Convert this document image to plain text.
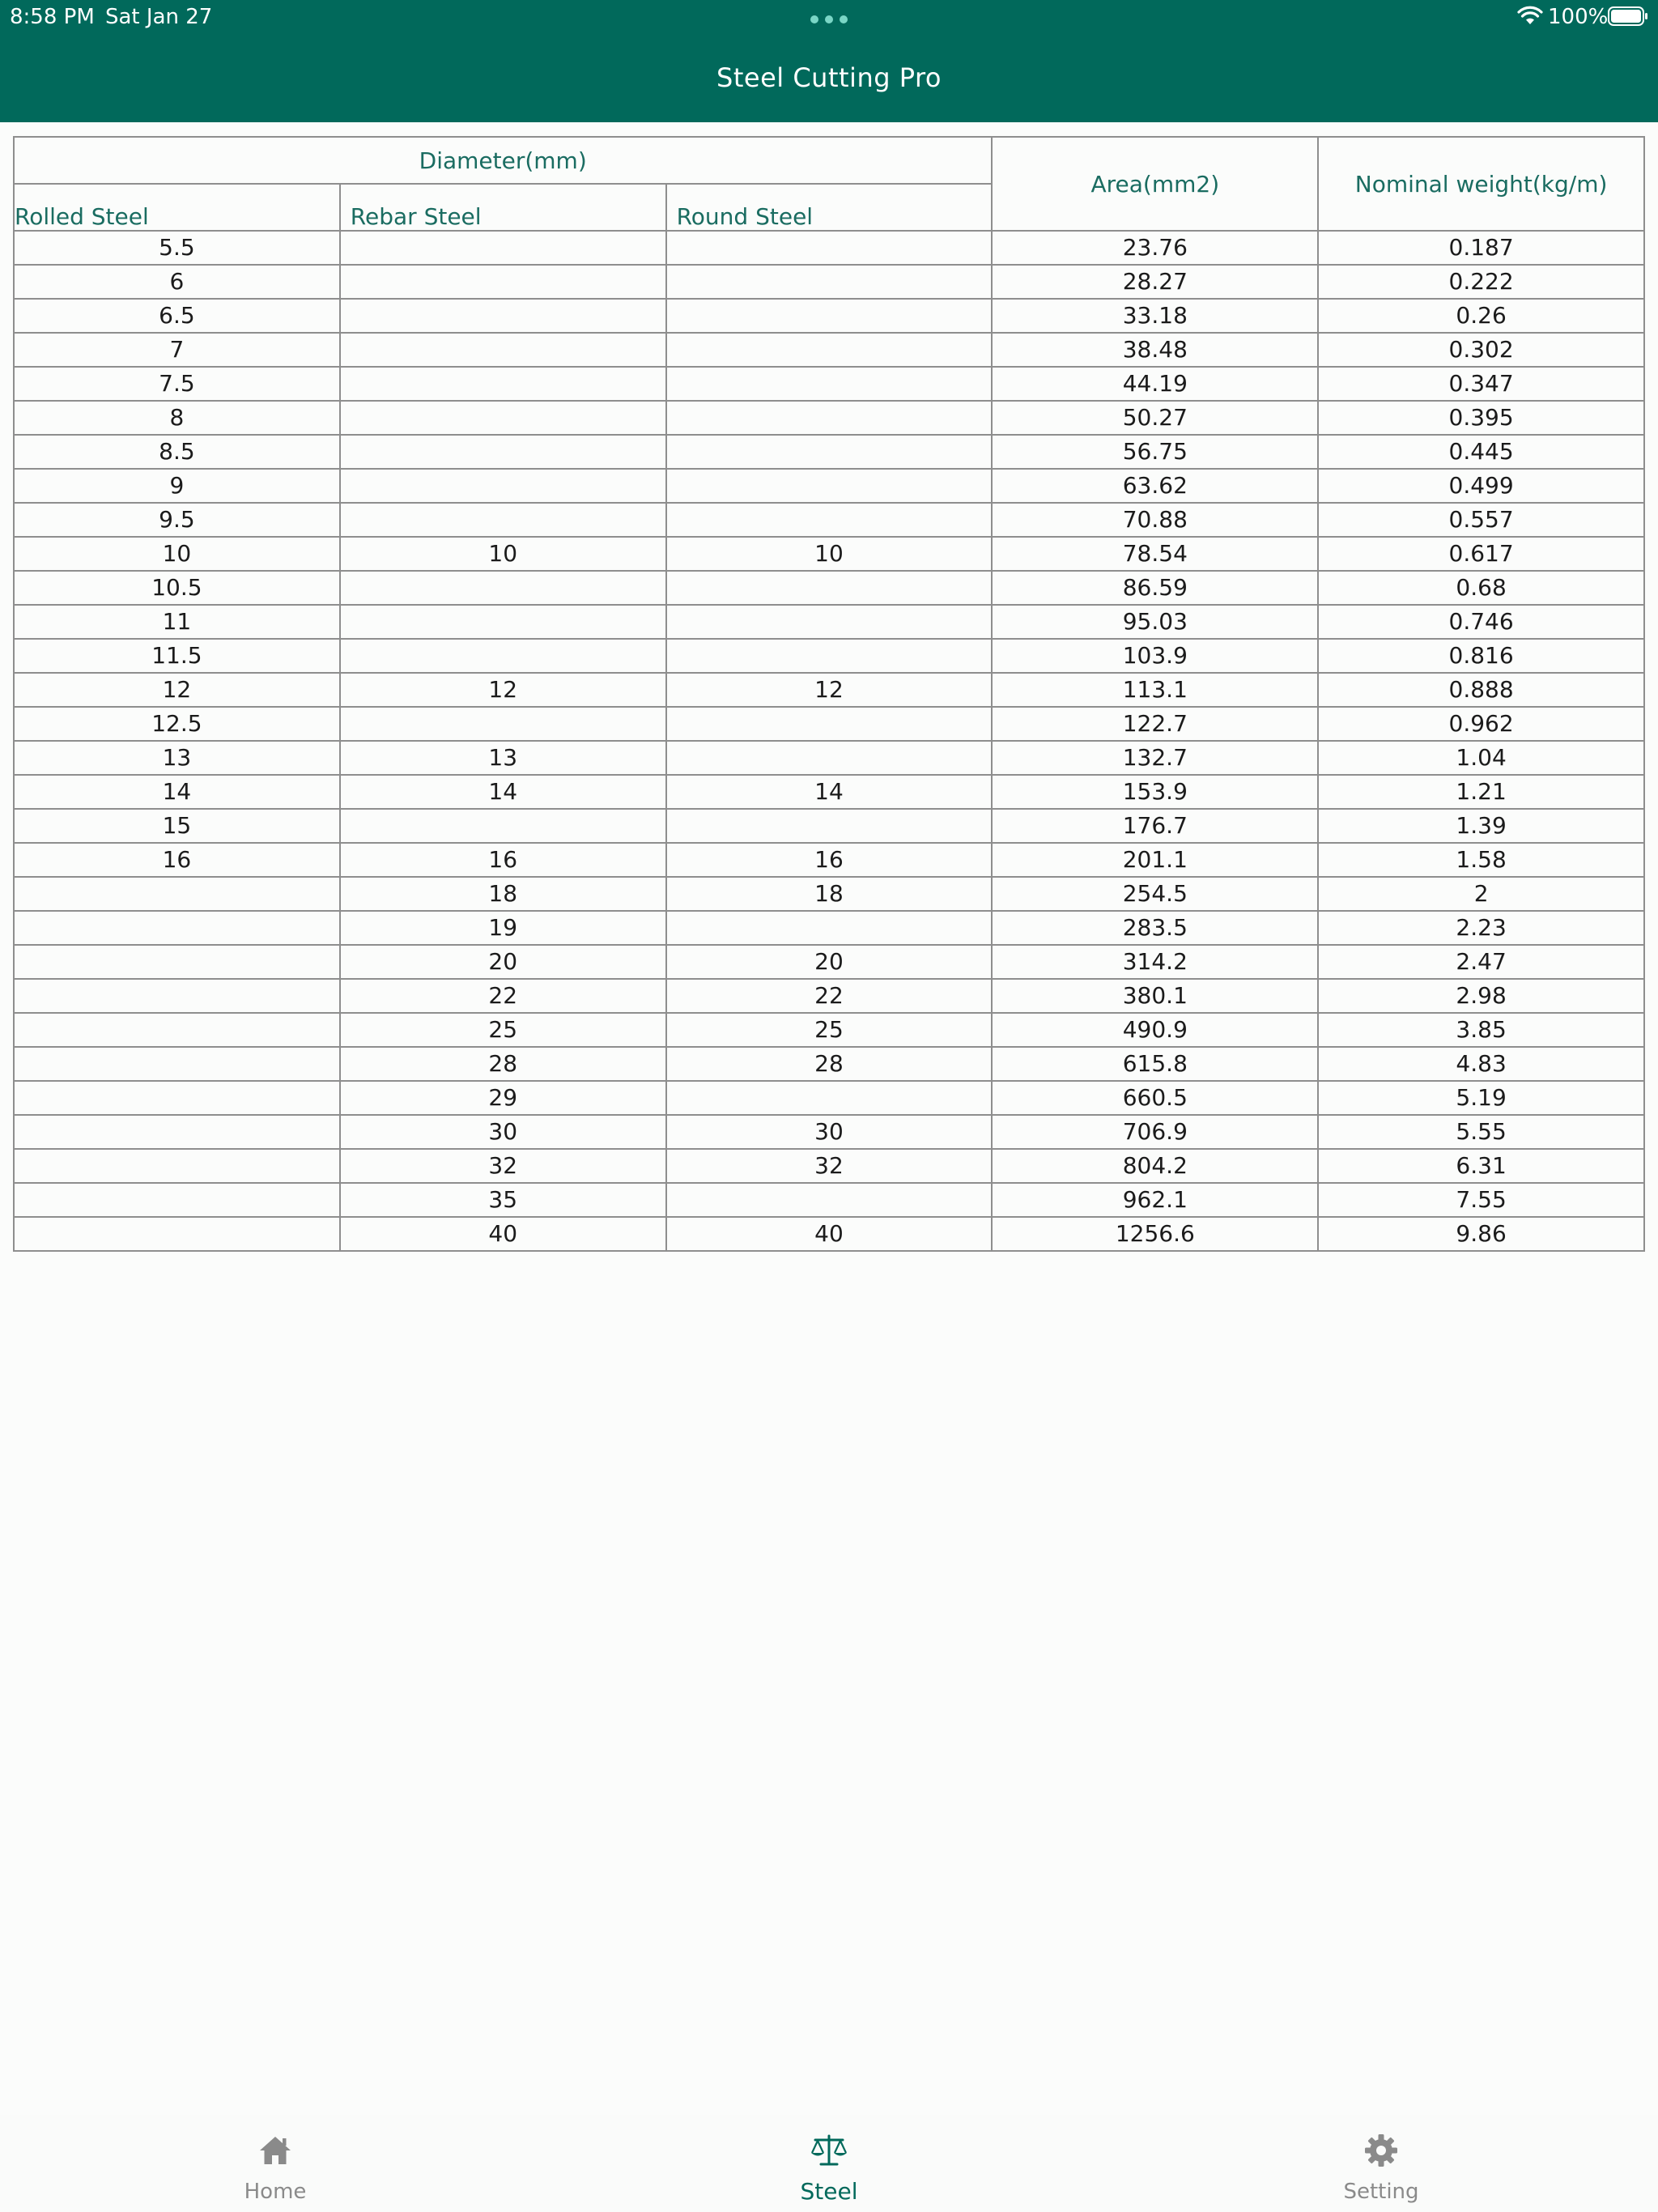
8:58 PM Sat Jan 27	100%
Steel Cutting Pro
Diameter(mm)			Area(mm2)	Nominal weight(kg/m)
Rolled Steel	Rebar Steel	Round Steel		
5.5			23.76	0.187
6			28.27	0.222
6.5			33.18	0.26
7			38.48	0.302
7.5			44.19	0.347
8			50.27	0.395
8.5			56.75	0.445
9			63.62	0.499
9.5			70.88	0.557
10	10	10	78.54	0.617
10.5			86.59	0.68
11			95.03	0.746
11.5			103.9	0.816
12	12	12	113.1	0.888
12.5			122.7	0.962
13	13		132.7	1.04
14	14	14	153.9	1.21
15			176.7	1.39
16	16	16	201.1	1.58
	18	18	254.5	2
	19		283.5	2.23
	20	20	314.2	2.47
	22	22	380.1	2.98
	25	25	490.9	3.85
	28	28	615.8	4.83
	29		660.5	5.19
	30	30	706.9	5.55
	32	32	804.2	6.31
	35		962.1	7.55
	40	40	1256.6	9.86
Home	Steel	Setting
